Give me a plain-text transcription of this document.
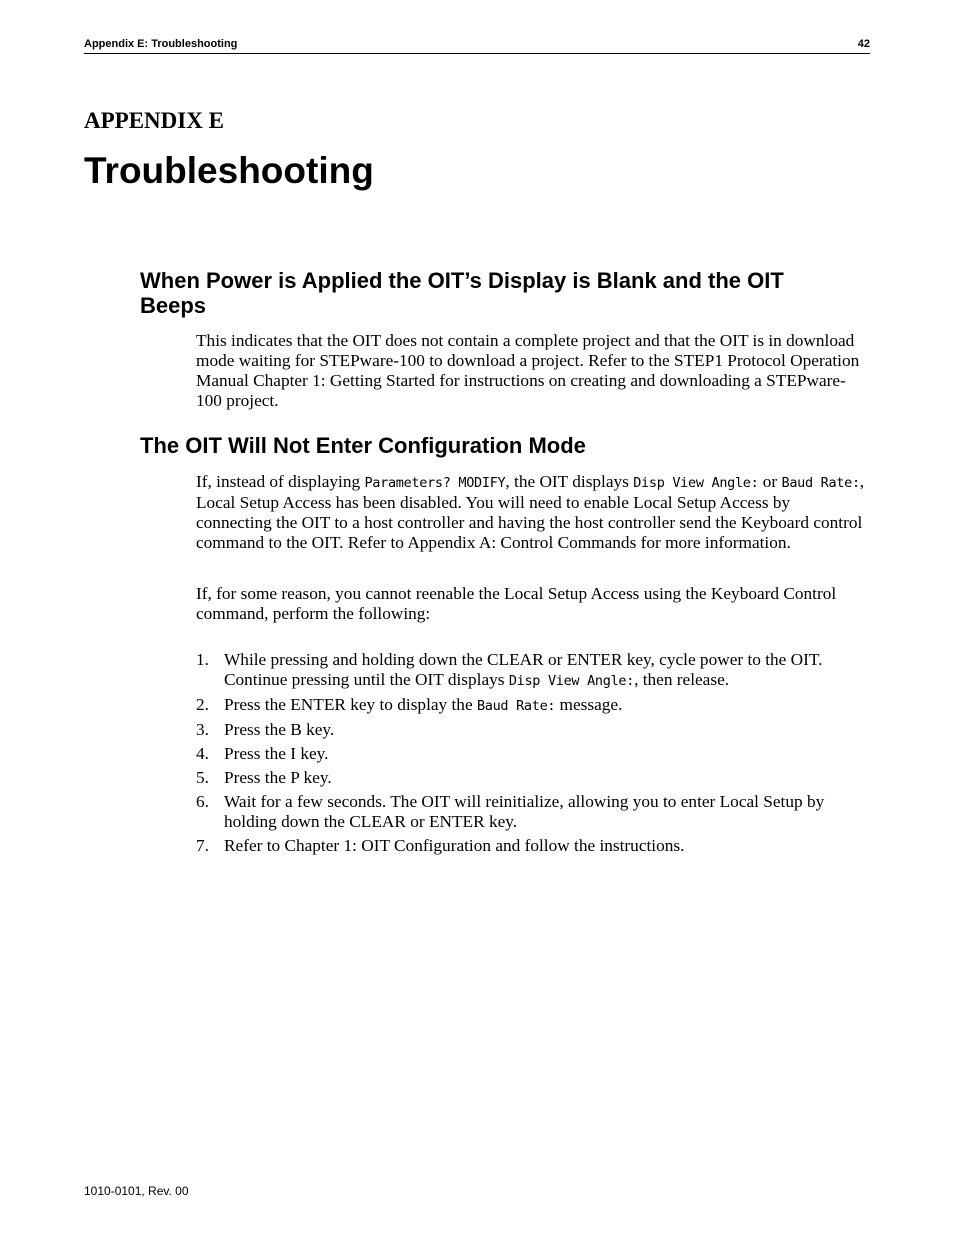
Appendix E: Troubleshooting	42
APPENDIX E
Troubleshooting
When Power is Applied the OIT’s Display is Blank and the OIT Beeps
This indicates that the OIT does not contain a complete project and that the OIT is in download mode waiting for STEPware-100 to download a project. Refer to the STEP1 Protocol Operation Manual Chapter 1: Getting Started for instructions on creating and downloading a STEPware-100 project.
The OIT Will Not Enter Configuration Mode
If, instead of displaying Parameters? MODIFY, the OIT displays Disp View Angle: or Baud Rate:, Local Setup Access has been disabled. You will need to enable Local Setup Access by connecting the OIT to a host controller and having the host controller send the Keyboard control command to the OIT. Refer to Appendix A: Control Commands for more information.
If, for some reason, you cannot reenable the Local Setup Access using the Keyboard Control command, perform the following:
1. While pressing and holding down the CLEAR or ENTER key, cycle power to the OIT. Continue pressing until the OIT displays Disp View Angle:, then release.
2. Press the ENTER key to display the Baud Rate: message.
3. Press the B key.
4. Press the I key.
5. Press the P key.
6. Wait for a few seconds. The OIT will reinitialize, allowing you to enter Local Setup by holding down the CLEAR or ENTER key.
7. Refer to Chapter 1: OIT Configuration and follow the instructions.
1010-0101, Rev. 00
